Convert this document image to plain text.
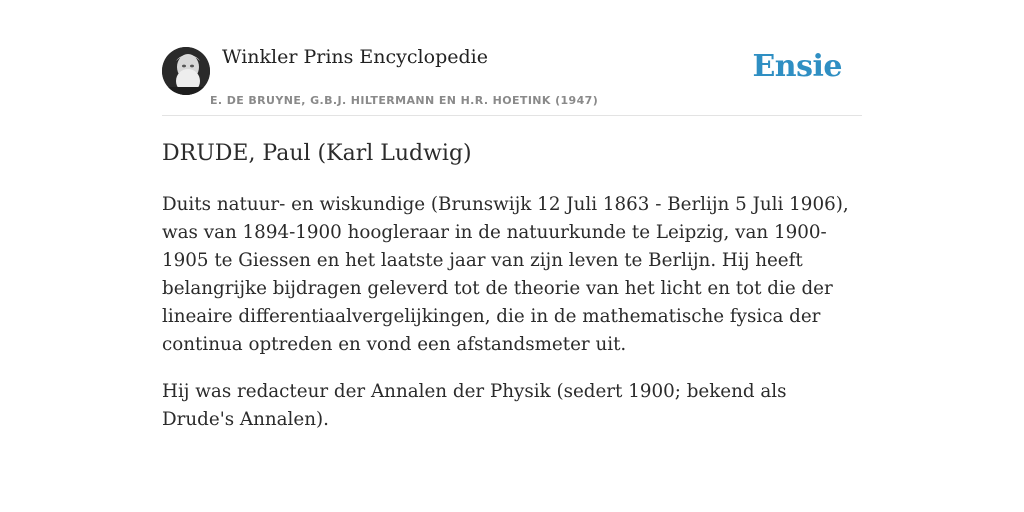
Winkler Prins Encyclopedie
E. DE BRUYNE, G.B.J. HILTERMANN EN H.R. HOETINK (1947)
Ensie
DRUDE, Paul (Karl Ludwig)

Duits natuur- en wiskundige (Brunswijk 12 Juli 1863 - Berlijn 5 Juli 1906), was van 1894-1900 hoogleraar in de natuurkunde te Leipzig, van 1900-1905 te Giessen en het laatste jaar van zijn leven te Berlijn. Hij heeft belangrijke bijdragen geleverd tot de theorie van het licht en tot die der lineaire differentiaalvergelijkingen, die in de mathematische fysica der continua optreden en vond een afstandsmeter uit.

Hij was redacteur der Annalen der Physik (sedert 1900; bekend als Drude's Annalen).
